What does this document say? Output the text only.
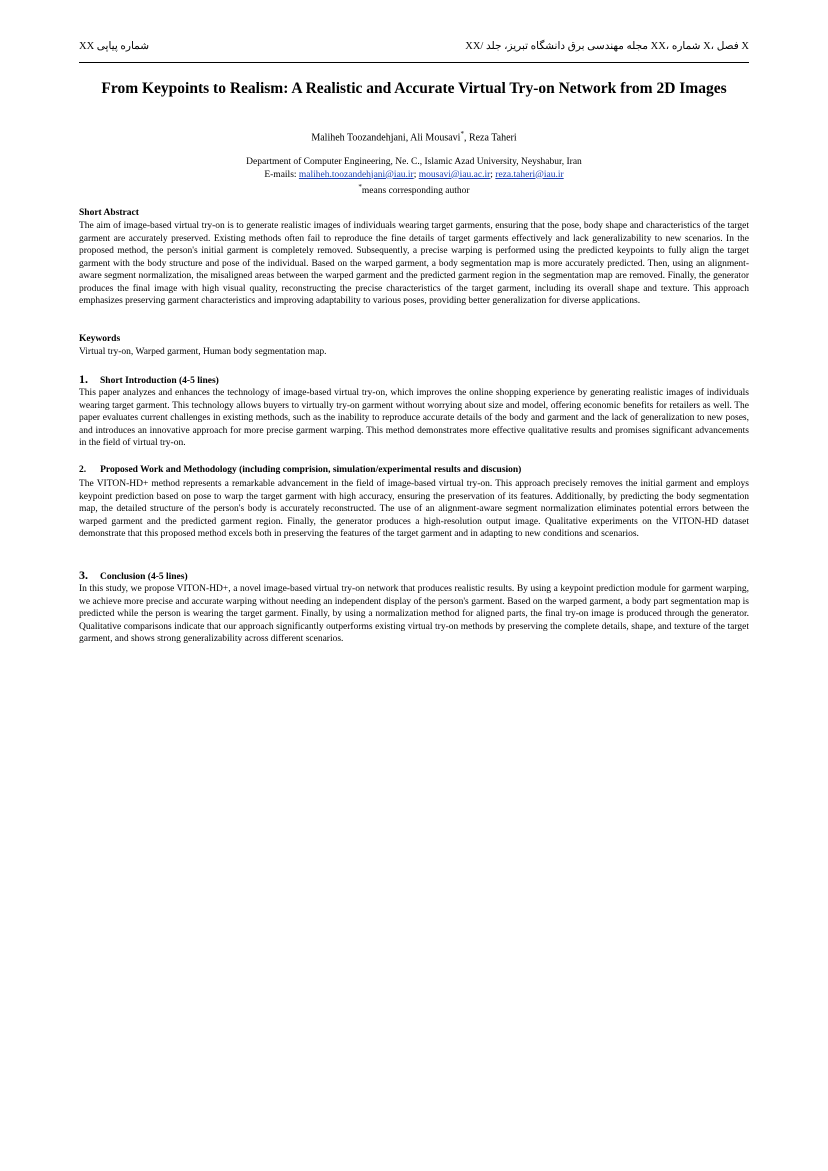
XX شماره پیاپی	XX/ مجله مهندسی برق دانشگاه تبریز، جلد XX، شماره X، فصل X
From Keypoints to Realism: A Realistic and Accurate Virtual Try-on Network from 2D Images
Maliheh Toozandehjani, Ali Mousavi*, Reza Taheri
Department of Computer Engineering, Ne. C., Islamic Azad University, Neyshabur, Iran
E-mails: maliheh.toozandehjani@iau.ir; mousavi@iau.ac.ir; reza.taheri@iau.ir
*means corresponding author
Short Abstract
The aim of image-based virtual try-on is to generate realistic images of individuals wearing target garments, ensuring that the pose, body shape and characteristics of the target garment are accurately preserved. Existing methods often fail to reproduce the fine details of target garments effectively and lack generalizability to new scenarios. In the proposed method, the person's initial garment is completely removed. Subsequently, a precise warping is performed using the predicted keypoints to fully align the target garment with the body structure and pose of the individual. Based on the warped garment, a body segmentation map is more accurately predicted. Then, using an alignment-aware segment normalization, the misaligned areas between the warped garment and the predicted garment region in the segmentation map are removed. Finally, the generator produces the final image with high visual quality, reconstructing the precise characteristics of the target garment, including its overall shape and texture. This approach emphasizes preserving garment characteristics and improving adaptability to various poses, providing better generalization for diverse applications.
Keywords
Virtual try-on, Warped garment, Human body segmentation map.
1. Short Introduction (4-5 lines)
This paper analyzes and enhances the technology of image-based virtual try-on, which improves the online shopping experience by generating realistic images of individuals wearing target garment. This technology allows buyers to virtually try-on garment without worrying about size and model, offering economic benefits for retailers as well. The paper evaluates current challenges in existing methods, such as the inability to reproduce accurate details of the body and garment and the lack of generalization to new poses, and introduces an innovative approach for more precise garment warping. This method demonstrates more effective qualitative results and promises significant advancements in the field of virtual try-on.
2. Proposed Work and Methodology (including comprision, simulation/experimental results and discusion)
The VITON-HD+ method represents a remarkable advancement in the field of image-based virtual try-on. This approach precisely removes the initial garment and employs keypoint prediction based on pose to warp the target garment with high accuracy, ensuring the preservation of its features. Additionally, by predicting the body segmentation map, the detailed structure of the person's body is accurately reconstructed. The use of an alignment-aware segment normalization eliminates potential errors between the warped garment and the predicted garment region. Finally, the generator produces a high-resolution output image. Qualitative experiments on the VITON-HD dataset demonstrate that this proposed method excels both in preserving the features of the target garment and in adapting to new conditions and scenarios.
3. Conclusion (4-5 lines)
In this study, we propose VITON-HD+, a novel image-based virtual try-on network that produces realistic results. By using a keypoint prediction module for garment warping, we achieve more precise and accurate warping without needing an independent display of the person's garment. Based on the warped garment, a body part segmentation map is predicted while the person is wearing the target garment. Finally, by using a normalization method for aligned parts, the final try-on image is produced through the generator. Qualitative comparisons indicate that our approach significantly outperforms existing virtual try-on methods by preserving the complete details, shape, and texture of the target garment, and shows strong generalizability across different scenarios.
